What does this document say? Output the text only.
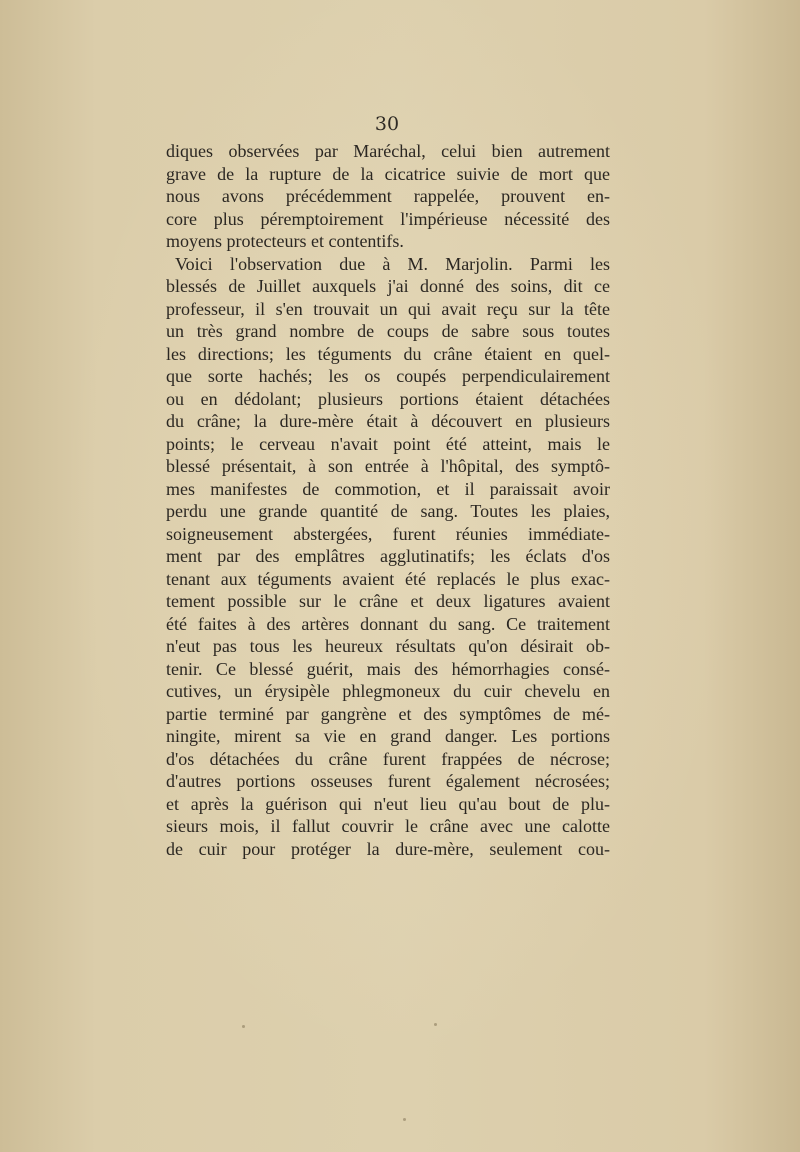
30
diques observées par Maréchal, celui bien autrement
grave de la rupture de la cicatrice suivie de mort que
nous avons précédemment rappelée, prouvent en-
core plus péremptoirement l'impérieuse nécessité des
moyens protecteurs et contentifs.
Voici l'observation due à M. Marjolin. Parmi les
blessés de Juillet auxquels j'ai donné des soins, dit ce
professeur, il s'en trouvait un qui avait reçu sur la tête
un très grand nombre de coups de sabre sous toutes
les directions; les téguments du crâne étaient en quel-
que sorte hachés; les os coupés perpendiculairement
ou en dédolant; plusieurs portions étaient détachées
du crâne; la dure-mère était à découvert en plusieurs
points; le cerveau n'avait point été atteint, mais le
blessé présentait, à son entrée à l'hôpital, des symptô-
mes manifestes de commotion, et il paraissait avoir
perdu une grande quantité de sang. Toutes les plaies,
soigneusement abstergées, furent réunies immédiate-
ment par des emplâtres agglutinatifs; les éclats d'os
tenant aux téguments avaient été replacés le plus exac-
tement possible sur le crâne et deux ligatures avaient
été faites à des artères donnant du sang. Ce traitement
n'eut pas tous les heureux résultats qu'on désirait ob-
tenir. Ce blessé guérit, mais des hémorrhagies consé-
cutives, un érysipèle phlegmoneux du cuir chevelu en
partie terminé par gangrène et des symptômes de mé-
ningite, mirent sa vie en grand danger. Les portions
d'os détachées du crâne furent frappées de nécrose;
d'autres portions osseuses furent également nécrosées;
et après la guérison qui n'eut lieu qu'au bout de plu-
sieurs mois, il fallut couvrir le crâne avec une calotte
de cuir pour protéger la dure-mère, seulement cou-
